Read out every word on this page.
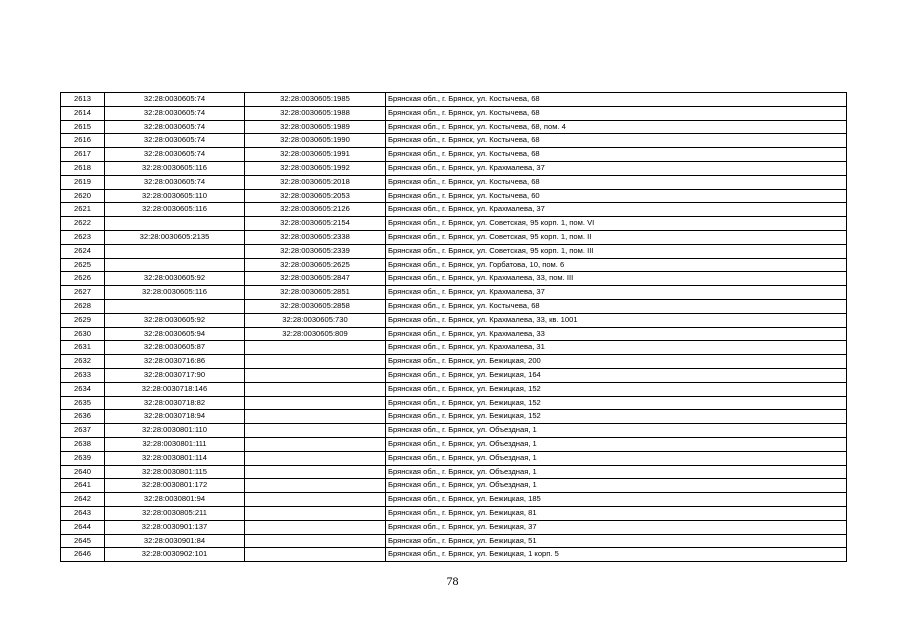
2613	32:28:0030605:74	32:28:0030605:1985	Брянская обл., г. Брянск, ул. Костычева, 68
2614	32:28:0030605:74	32:28:0030605:1988	Брянская обл., г. Брянск, ул. Костычева, 68
2615	32:28:0030605:74	32:28:0030605:1989	Брянская обл., г. Брянск, ул. Костычева, 68, пом. 4
2616	32:28:0030605:74	32:28:0030605:1990	Брянская обл., г. Брянск, ул. Костычева, 68
2617	32:28:0030605:74	32:28:0030605:1991	Брянская обл., г. Брянск, ул. Костычева, 68
2618	32:28:0030605:116	32:28:0030605:1992	Брянская обл., г. Брянск, ул. Крахмалева, 37
2619	32:28:0030605:74	32:28:0030605:2018	Брянская обл., г. Брянск, ул. Костычева, 68
2620	32:28:0030605:110	32:28:0030605:2053	Брянская обл., г. Брянск, ул. Костычева, 60
2621	32:28:0030605:116	32:28:0030605:2126	Брянская обл., г. Брянск, ул. Крахмалева, 37
2622		32:28:0030605:2154	Брянская обл., г. Брянск, ул. Советская, 95 корп. 1, пом. VI
2623	32:28:0030605:2135	32:28:0030605:2338	Брянская обл., г. Брянск, ул. Советская, 95 корп. 1, пом. II
2624		32:28:0030605:2339	Брянская обл., г. Брянск, ул. Советская, 95 корп. 1, пом. III
2625		32:28:0030605:2625	Брянская обл., г. Брянск, ул. Горбатова, 10, пом. 6
2626	32:28:0030605:92	32:28:0030605:2847	Брянская обл., г. Брянск, ул. Крахмалева, 33, пом. III
2627	32:28:0030605:116	32:28:0030605:2851	Брянская обл., г. Брянск, ул. Крахмалева, 37
2628		32:28:0030605:2858	Брянская обл., г. Брянск, ул. Костычева, 68
2629	32:28:0030605:92	32:28:0030605:730	Брянская обл., г. Брянск, ул. Крахмалева, 33, кв. 1001
2630	32:28:0030605:94	32:28:0030605:809	Брянская обл., г. Брянск, ул. Крахмалева, 33
2631	32:28:0030605:87		Брянская обл., г. Брянск, ул. Крахмалева, 31
2632	32:28:0030716:86		Брянская обл., г. Брянск, ул. Бежицкая, 200
2633	32:28:0030717:90		Брянская обл., г. Брянск, ул. Бежицкая, 164
2634	32:28:0030718:146		Брянская обл., г. Брянск, ул. Бежицкая, 152
2635	32:28:0030718:82		Брянская обл., г. Брянск, ул. Бежицкая, 152
2636	32:28:0030718:94		Брянская обл., г. Брянск, ул. Бежицкая, 152
2637	32:28:0030801:110		Брянская обл., г. Брянск, ул. Объездная, 1
2638	32:28:0030801:111		Брянская обл., г. Брянск, ул. Объездная, 1
2639	32:28:0030801:114		Брянская обл., г. Брянск, ул. Объездная, 1
2640	32:28:0030801:115		Брянская обл., г. Брянск, ул. Объездная, 1
2641	32:28:0030801:172		Брянская обл., г. Брянск, ул. Объездная, 1
2642	32:28:0030801:94		Брянская обл., г. Брянск, ул. Бежицкая, 185
2643	32:28:0030805:211		Брянская обл., г. Брянск, ул. Бежицкая, 81
2644	32:28:0030901:137		Брянская обл., г. Брянск, ул. Бежицкая, 37
2645	32:28:0030901:84		Брянская обл., г. Брянск, ул. Бежицкая, 51
2646	32:28:0030902:101		Брянская обл., г. Брянск, ул. Бежицкая, 1 корп. 5
78
